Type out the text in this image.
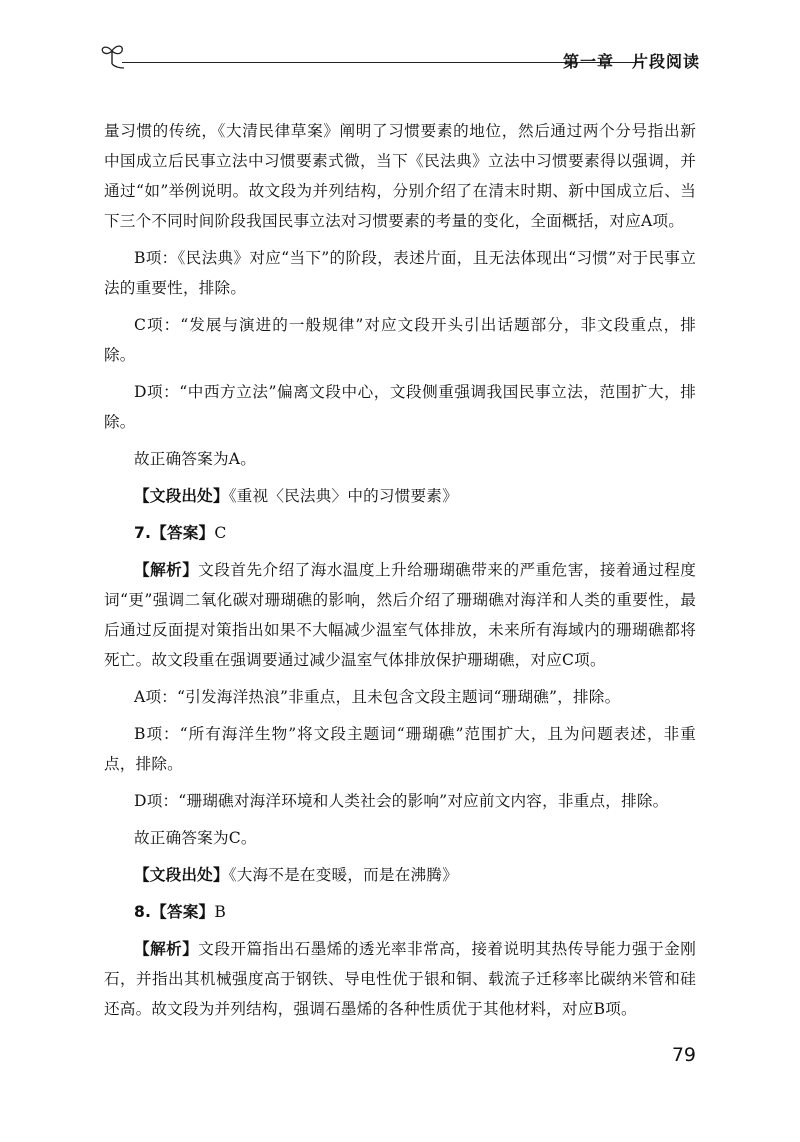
第一章 片段阅读

量习惯的传统，《大清民律草案》阐明了习惯要素的地位，然后通过两个分号指出新中国成立后民事立法中习惯要素式微，当下《民法典》立法中习惯要素得以强调，并通过“如”举例说明。故文段为并列结构，分别介绍了在清末时期、新中国成立后、当下三个不同时间阶段我国民事立法对习惯要素的考量的变化，全面概括，对应A项。

B项：《民法典》对应“当下”的阶段，表述片面，且无法体现出“习惯”对于民事立法的重要性，排除。

C项：“发展与演进的一般规律”对应文段开头引出话题部分，非文段重点，排除。

D项：“中西方立法”偏离文段中心，文段侧重强调我国民事立法，范围扩大，排除。

故正确答案为A。

【文段出处】《重视〈民法典〉中的习惯要素》

7.【答案】C

【解析】文段首先介绍了海水温度上升给珊瑚礁带来的严重危害，接着通过程度词“更”强调二氧化碳对珊瑚礁的影响，然后介绍了珊瑚礁对海洋和人类的重要性，最后通过反面提对策指出如果不大幅减少温室气体排放，未来所有海域内的珊瑚礁都将死亡。故文段重在强调要通过减少温室气体排放保护珊瑚礁，对应C项。

A项：“引发海洋热浪”非重点，且未包含文段主题词“珊瑚礁”，排除。

B项：“所有海洋生物”将文段主题词“珊瑚礁”范围扩大，且为问题表述，非重点，排除。

D项：“珊瑚礁对海洋环境和人类社会的影响”对应前文内容，非重点，排除。

故正确答案为C。

【文段出处】《大海不是在变暖，而是在沸腾》

8.【答案】B

【解析】文段开篇指出石墨烯的透光率非常高，接着说明其热传导能力强于金刚石，并指出其机械强度高于钢铁、导电性优于银和铜、载流子迁移率比碳纳米管和硅还高。故文段为并列结构，强调石墨烯的各种性质优于其他材料，对应B项。

79
